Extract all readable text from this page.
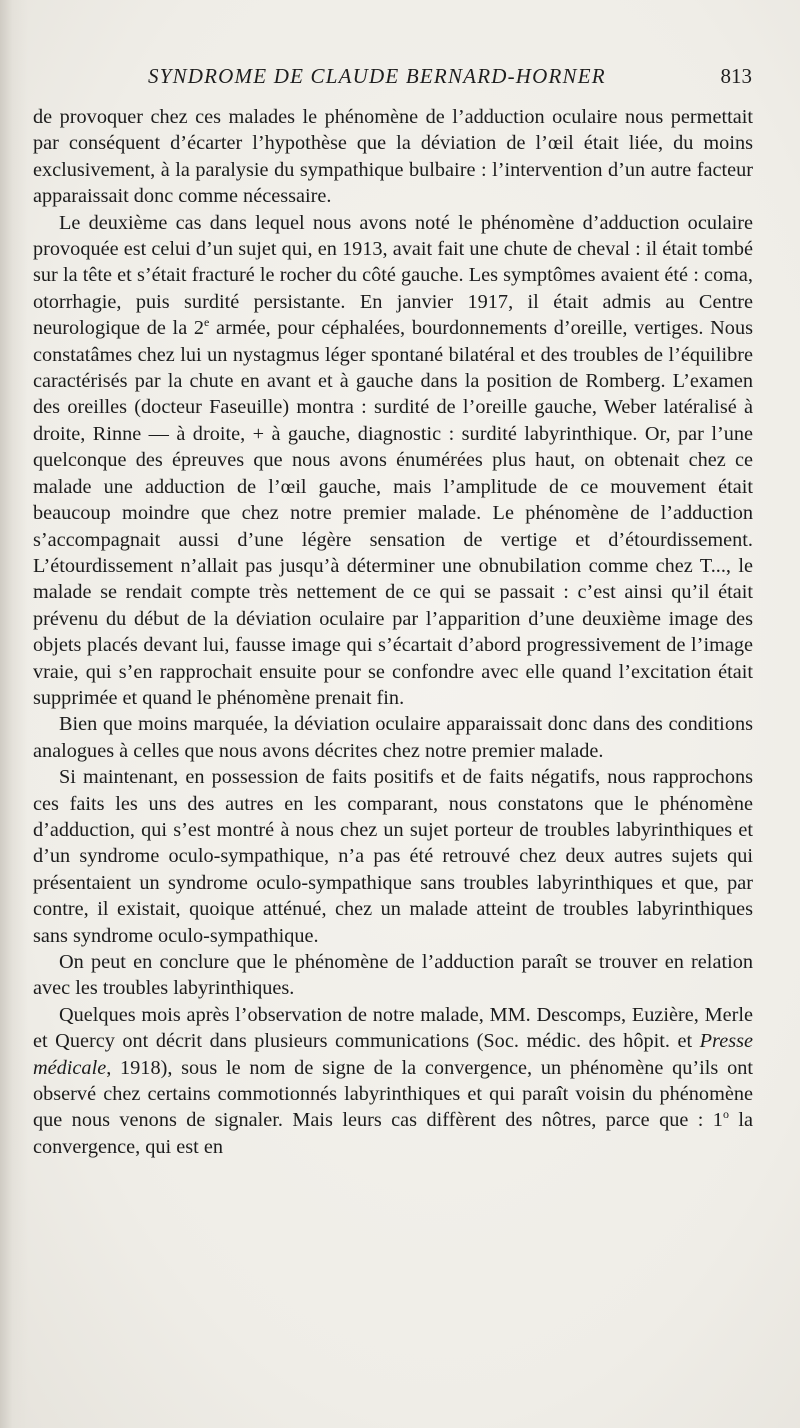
SYNDROME DE CLAUDE BERNARD-HORNER	813

de provoquer chez ces malades le phénomène de l’adduction oculaire nous permettait par conséquent d’écarter l’hypothèse que la déviation de l’œil était liée, du moins exclusivement, à la paralysie du sympathique bulbaire : l’intervention d’un autre facteur apparaissait donc comme nécessaire.

Le deuxième cas dans lequel nous avons noté le phénomène d’adduction oculaire provoquée est celui d’un sujet qui, en 1913, avait fait une chute de cheval : il était tombé sur la tête et s’était fracturé le rocher du côté gauche. Les symptômes avaient été : coma, otorrhagie, puis surdité persistante. En janvier 1917, il était admis au Centre neurologique de la 2e armée, pour céphalées, bourdonnements d’oreille, vertiges. Nous constatâmes chez lui un nystagmus léger spontané bilatéral et des troubles de l’équilibre caractérisés par la chute en avant et à gauche dans la position de Romberg. L’examen des oreilles (docteur Faseuille) montra : surdité de l’oreille gauche, Weber latéralisé à droite, Rinne — à droite, + à gauche, diagnostic : surdité labyrinthique. Or, par l’une quelconque des épreuves que nous avons énumérées plus haut, on obtenait chez ce malade une adduction de l’œil gauche, mais l’amplitude de ce mouvement était beaucoup moindre que chez notre premier malade. Le phénomène de l’adduction s’accompagnait aussi d’une légère sensation de vertige et d’étourdissement. L’étourdissement n’allait pas jusqu’à déterminer une obnubilation comme chez T..., le malade se rendait compte très nettement de ce qui se passait : c’est ainsi qu’il était prévenu du début de la déviation oculaire par l’apparition d’une deuxième image des objets placés devant lui, fausse image qui s’écartait d’abord progressivement de l’image vraie, qui s’en rapprochait ensuite pour se confondre avec elle quand l’excitation était supprimée et quand le phénomène prenait fin.

Bien que moins marquée, la déviation oculaire apparaissait donc dans des conditions analogues à celles que nous avons décrites chez notre premier malade.

Si maintenant, en possession de faits positifs et de faits négatifs, nous rapprochons ces faits les uns des autres en les comparant, nous constatons que le phénomène d’adduction, qui s’est montré à nous chez un sujet porteur de troubles labyrinthiques et d’un syndrome oculo-sympathique, n’a pas été retrouvé chez deux autres sujets qui présentaient un syndrome oculo-sympathique sans troubles labyrinthiques et que, par contre, il existait, quoique atténué, chez un malade atteint de troubles labyrinthiques sans syndrome oculo-sympathique.

On peut en conclure que le phénomène de l’adduction paraît se trouver en relation avec les troubles labyrinthiques.

Quelques mois après l’observation de notre malade, MM. Descomps, Euzière, Merle et Quercy ont décrit dans plusieurs communications (Soc. médic. des hôpit. et Presse médicale, 1918), sous le nom de signe de la convergence, un phénomène qu’ils ont observé chez certains commotionnés labyrinthiques et qui paraît voisin du phénomène que nous venons de signaler. Mais leurs cas diffèrent des nôtres, parce que : 1$^o$ la convergence, qui est en
